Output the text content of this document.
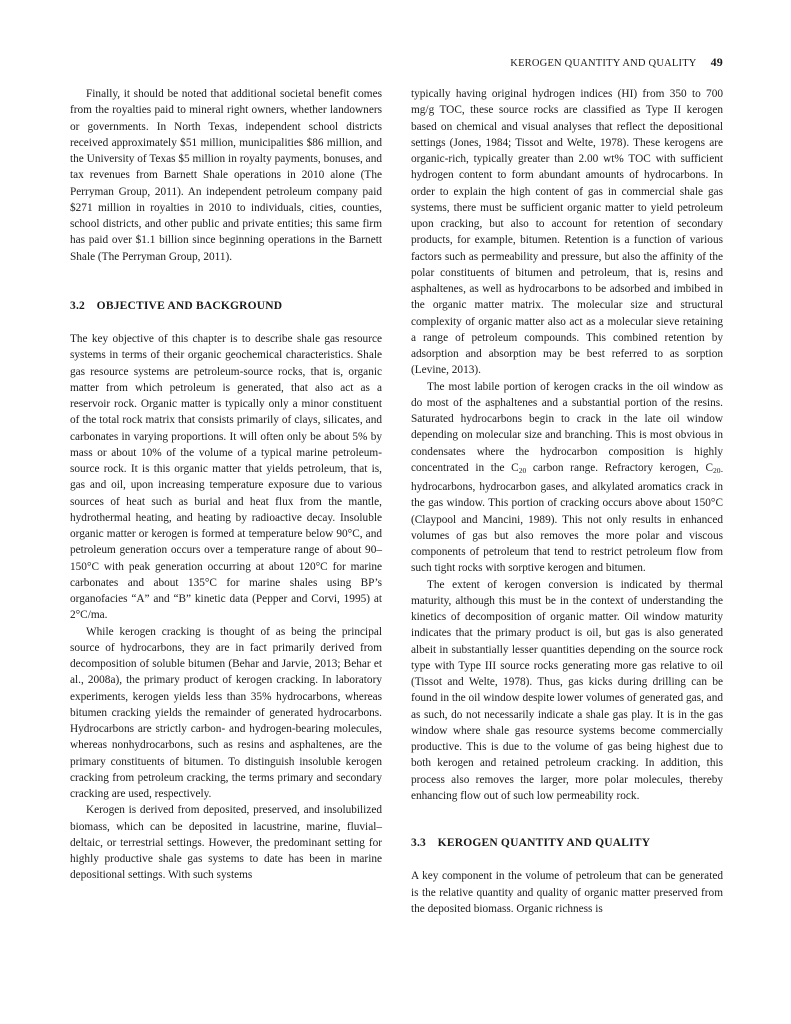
KEROGEN QUANTITY AND QUALITY 49

Finally, it should be noted that additional societal benefit comes from the royalties paid to mineral right owners, whether landowners or governments. In North Texas, independent school districts received approximately $51 million, municipalities $86 million, and the University of Texas $5 million in royalty payments, bonuses, and tax revenues from Barnett Shale operations in 2010 alone (The Perryman Group, 2011). An independent petroleum company paid $271 million in royalties in 2010 to individuals, cities, counties, school districts, and other public and private entities; this same firm has paid over $1.1 billion since beginning operations in the Barnett Shale (The Perryman Group, 2011).

3.2 OBJECTIVE AND BACKGROUND

The key objective of this chapter is to describe shale gas resource systems in terms of their organic geochemical characteristics. Shale gas resource systems are petroleum-source rocks, that is, organic matter from which petroleum is generated, that also act as a reservoir rock. Organic matter is typically only a minor constituent of the total rock matrix that consists primarily of clays, silicates, and carbonates in varying proportions. It will often only be about 5% by mass or about 10% of the volume of a typical marine petroleum-source rock. It is this organic matter that yields petroleum, that is, gas and oil, upon increasing temperature exposure due to various sources of heat such as burial and heat flux from the mantle, hydrothermal heating, and heating by radioactive decay. Insoluble organic matter or kerogen is formed at temperature below 90°C, and petroleum generation occurs over a temperature range of about 90–150°C with peak generation occurring at about 120°C for marine carbonates and about 135°C for marine shales using BP’s organofacies “A” and “B” kinetic data (Pepper and Corvi, 1995) at 2°C/ma.

While kerogen cracking is thought of as being the principal source of hydrocarbons, they are in fact primarily derived from decomposition of soluble bitumen (Behar and Jarvie, 2013; Behar et al., 2008a), the primary product of kerogen cracking. In laboratory experiments, kerogen yields less than 35% hydrocarbons, whereas bitumen cracking yields the remainder of generated hydrocarbons. Hydrocarbons are strictly carbon- and hydrogen-bearing molecules, whereas nonhydrocarbons, such as resins and asphaltenes, are the primary constituents of bitumen. To distinguish insoluble kerogen cracking from petroleum cracking, the terms primary and secondary cracking are used, respectively.

Kerogen is derived from deposited, preserved, and insolubilized biomass, which can be deposited in lacustrine, marine, fluvial–deltaic, or terrestrial settings. However, the predominant setting for highly productive shale gas systems to date has been in marine depositional settings. With such systems

typically having original hydrogen indices (HI) from 350 to 700 mg/g TOC, these source rocks are classified as Type II kerogen based on chemical and visual analyses that reflect the depositional settings (Jones, 1984; Tissot and Welte, 1978). These kerogens are organic-rich, typically greater than 2.00 wt% TOC with sufficient hydrogen content to form abundant amounts of hydrocarbons. In order to explain the high content of gas in commercial shale gas systems, there must be sufficient organic matter to yield petroleum upon cracking, but also to account for retention of secondary products, for example, bitumen. Retention is a function of various factors such as permeability and pressure, but also the affinity of the polar constituents of bitumen and petroleum, that is, resins and asphaltenes, as well as hydrocarbons to be adsorbed and imbibed in the organic matter matrix. The molecular size and structural complexity of organic matter also act as a molecular sieve retaining a range of petroleum compounds. This combined retention by adsorption and absorption may be best referred to as sorption (Levine, 2013).

The most labile portion of kerogen cracks in the oil window as do most of the asphaltenes and a substantial portion of the resins. Saturated hydrocarbons begin to crack in the late oil window depending on molecular size and branching. This is most obvious in condensates where the hydrocarbon composition is highly concentrated in the $C_{20}$ carbon range. Refractory kerogen, $C_{20-}$ hydrocarbons, hydrocarbon gases, and alkylated aromatics crack in the gas window. This portion of cracking occurs above about 150°C (Claypool and Mancini, 1989). This not only results in enhanced volumes of gas but also removes the more polar and viscous components of petroleum that tend to restrict petroleum flow from such tight rocks with sorptive kerogen and bitumen.

The extent of kerogen conversion is indicated by thermal maturity, although this must be in the context of understanding the kinetics of decomposition of organic matter. Oil window maturity indicates that the primary product is oil, but gas is also generated albeit in substantially lesser quantities depending on the source rock type with Type III source rocks generating more gas relative to oil (Tissot and Welte, 1978). Thus, gas kicks during drilling can be found in the oil window despite lower volumes of generated gas, and as such, do not necessarily indicate a shale gas play. It is in the gas window where shale gas resource systems become commercially productive. This is due to the volume of gas being highest due to both kerogen and retained petroleum cracking. In addition, this process also removes the larger, more polar molecules, thereby enhancing flow out of such low permeability rock.

3.3 KEROGEN QUANTITY AND QUALITY

A key component in the volume of petroleum that can be generated is the relative quantity and quality of organic matter preserved from the deposited biomass. Organic richness is
